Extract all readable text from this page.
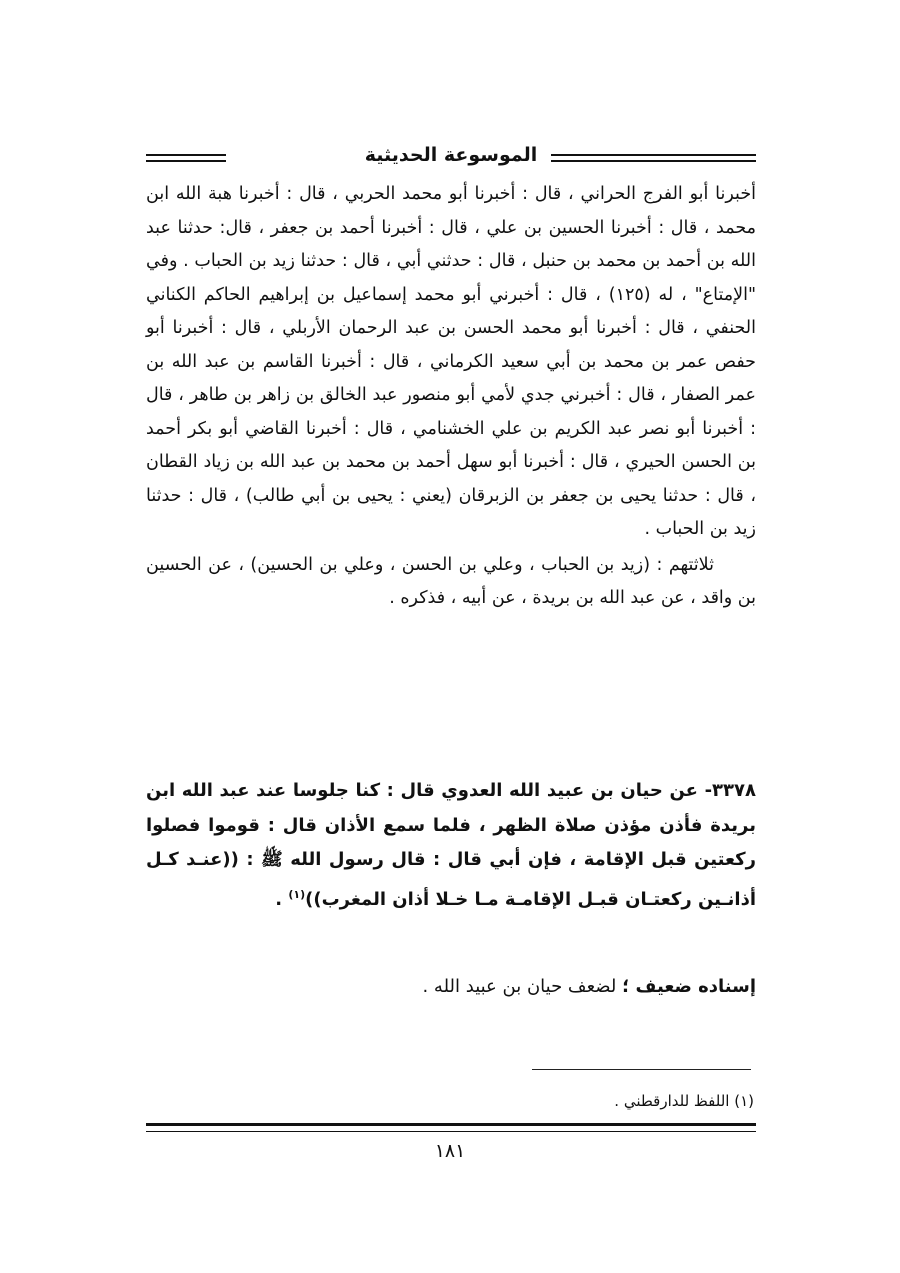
الموسوعة الحديثية

أخبرنا أبو الفرج الحراني ، قال : أخبرنا أبو محمد الحربي ، قال : أخبرنا هبة الله ابن محمد ، قال : أخبرنا الحسين بن علي ، قال : أخبرنا أحمد بن جعفر ، قال: حدثنا عبد الله بن أحمد بن محمد بن حنبل ، قال : حدثني أبي ، قال : حدثنا زيد بن الحباب . وفي "الإمتاع" ، له (١٢٥) ، قال : أخبرني أبو محمد إسماعيل بن إبراهيم الحاكم الكناني الحنفي ، قال : أخبرنا أبو محمد الحسن بن عبد الرحمان الأربلي ، قال : أخبرنا أبو حفص عمر بن محمد بن أبي سعيد الكرماني ، قال : أخبرنا القاسم بن عبد الله بن عمر الصفار ، قال : أخبرني جدي لأمي أبو منصور عبد الخالق بن زاهر بن طاهر ، قال : أخبرنا أبو نصر عبد الكريم بن علي الخشنامي ، قال : أخبرنا القاضي أبو بكر أحمد بن الحسن الحيري ، قال : أخبرنا أبو سهل أحمد بن محمد بن عبد الله بن زياد القطان ، قال : حدثنا يحيى بن جعفر بن الزبرقان (يعني : يحيى بن أبي طالب) ، قال : حدثنا زيد بن الحباب .

ثلاثتهم : (زيد بن الحباب ، وعلي بن الحسن ، وعلي بن الحسين) ، عن الحسين بن واقد ، عن عبد الله بن بريدة ، عن أبيه ، فذكره .

٣٣٧٨- عن حيان بن عبيد الله العدوي قال : كنا جلوسا عند عبد الله ابن بريدة فأذن مؤذن صلاة الظهر ، فلما سمع الأذان قال : قوموا فصلوا ركعتين قبل الإقامة ، فإن أبي قال : قال رسول الله ﷺ : ((عنـد كـل أذانـين ركعتـان قبـل الإقامـة مـا خـلا أذان المغرب))$^{(١)}$ .

إسناده ضعيف ؛ لضعف حيان بن عبيد الله .
(١) اللفظ للدارقطني .
١٨١
